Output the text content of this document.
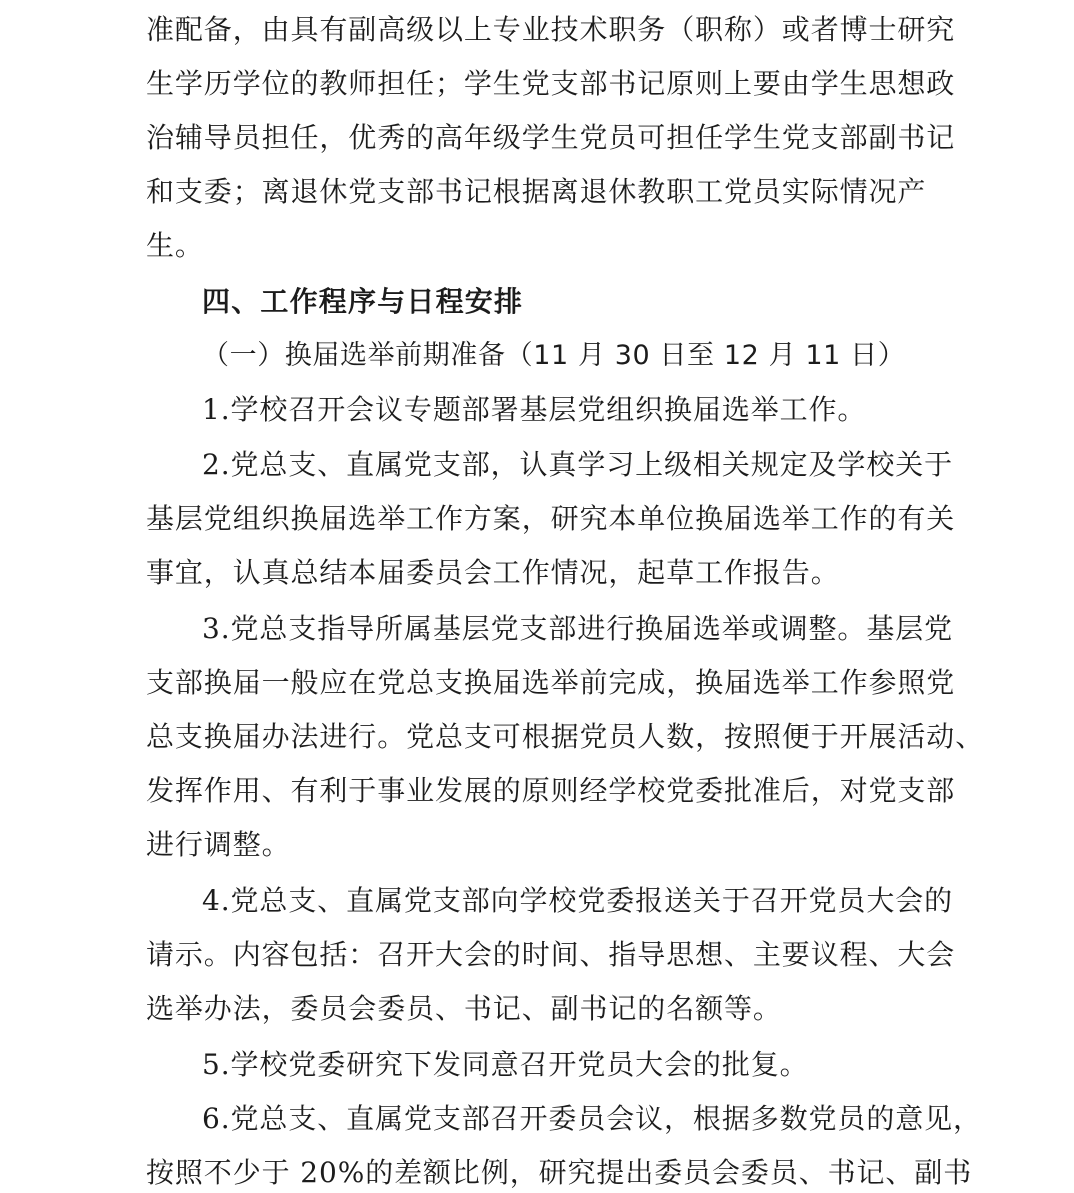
准配备，由具有副高级以上专业技术职务（职称）或者博士研究
生学历学位的教师担任；学生党支部书记原则上要由学生思想政
治辅导员担任，优秀的高年级学生党员可担任学生党支部副书记
和支委；离退休党支部书记根据离退休教职工党员实际情况产
生。
四、工作程序与日程安排
（一）换届选举前期准备（11 月 30 日至 12 月 11 日）
1.学校召开会议专题部署基层党组织换届选举工作。
2.党总支、直属党支部，认真学习上级相关规定及学校关于
基层党组织换届选举工作方案，研究本单位换届选举工作的有关
事宜，认真总结本届委员会工作情况，起草工作报告。
3.党总支指导所属基层党支部进行换届选举或调整。基层党
支部换届一般应在党总支换届选举前完成，换届选举工作参照党
总支换届办法进行。党总支可根据党员人数，按照便于开展活动、
发挥作用、有利于事业发展的原则经学校党委批准后，对党支部
进行调整。
4.党总支、直属党支部向学校党委报送关于召开党员大会的
请示。内容包括：召开大会的时间、指导思想、主要议程、大会
选举办法，委员会委员、书记、副书记的名额等。
5.学校党委研究下发同意召开党员大会的批复。
6.党总支、直属党支部召开委员会议，根据多数党员的意见，
按照不少于 20%的差额比例，研究提出委员会委员、书记、副书
